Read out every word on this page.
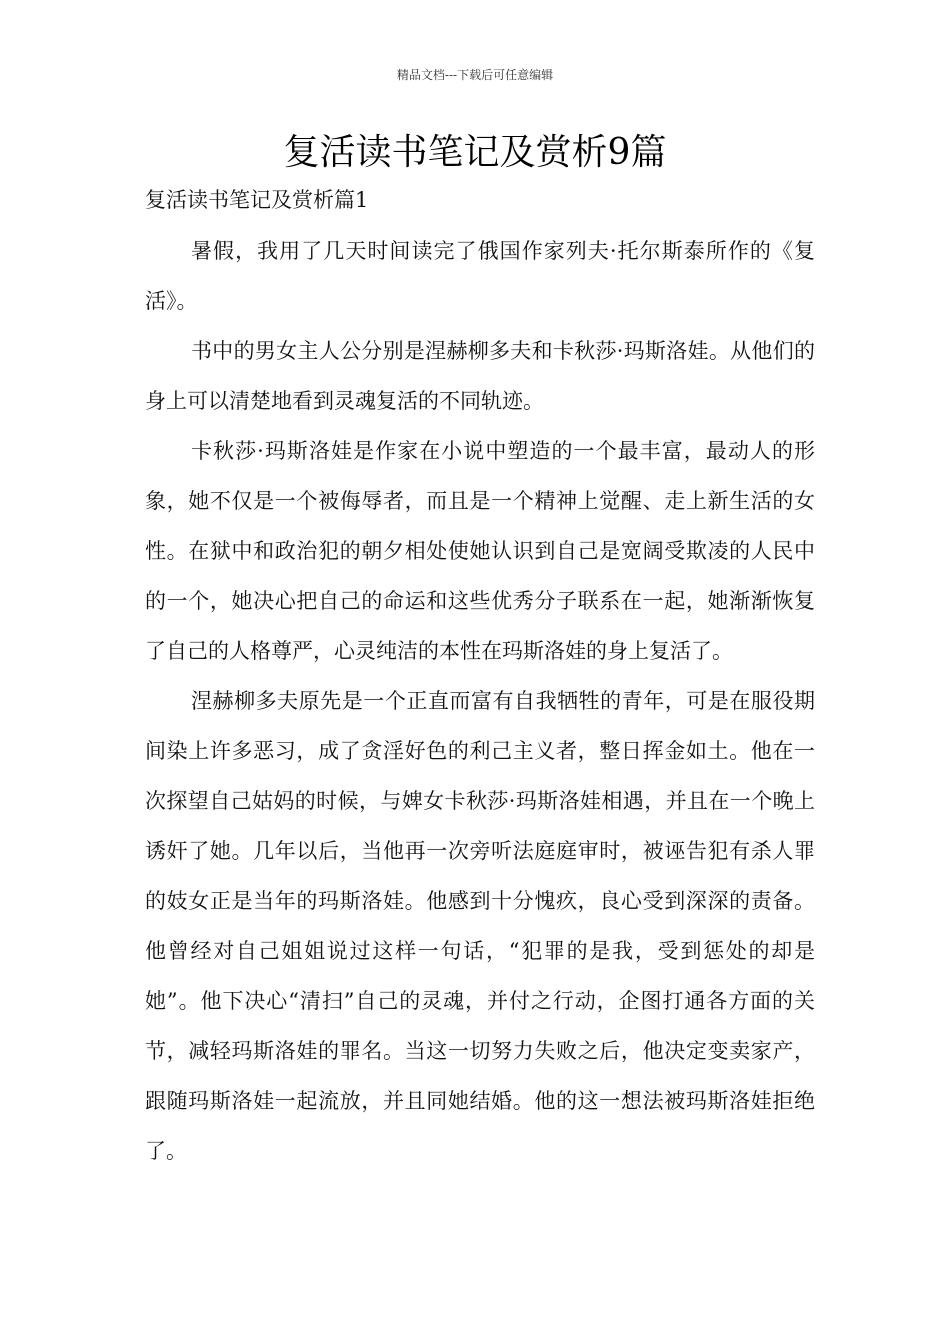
精品文档---下载后可任意编辑
复活读书笔记及赏析9篇
复活读书笔记及赏析篇1

暑假，我用了几天时间读完了俄国作家列夫·托尔斯泰所作的《复活》。

书中的男女主人公分别是涅赫柳多夫和卡秋莎·玛斯洛娃。从他们的身上可以清楚地看到灵魂复活的不同轨迹。

卡秋莎·玛斯洛娃是作家在小说中塑造的一个最丰富，最动人的形象，她不仅是一个被侮辱者，而且是一个精神上觉醒、走上新生活的女性。在狱中和政治犯的朝夕相处使她认识到自己是宽阔受欺凌的人民中的一个，她决心把自己的命运和这些优秀分子联系在一起，她渐渐恢复了自己的人格尊严，心灵纯洁的本性在玛斯洛娃的身上复活了。

涅赫柳多夫原先是一个正直而富有自我牺牲的青年，可是在服役期间染上许多恶习，成了贪淫好色的利己主义者，整日挥金如土。他在一次探望自己姑妈的时候，与婢女卡秋莎·玛斯洛娃相遇，并且在一个晚上诱奸了她。几年以后，当他再一次旁听法庭庭审时，被诬告犯有杀人罪的妓女正是当年的玛斯洛娃。他感到十分愧疚，良心受到深深的责备。他曾经对自己姐姐说过这样一句话，“犯罪的是我，受到惩处的却是她”。他下决心“清扫”自己的灵魂，并付之行动，企图打通各方面的关节，减轻玛斯洛娃的罪名。当这一切努力失败之后，他决定变卖家产，跟随玛斯洛娃一起流放，并且同她结婚。他的这一想法被玛斯洛娃拒绝了。
